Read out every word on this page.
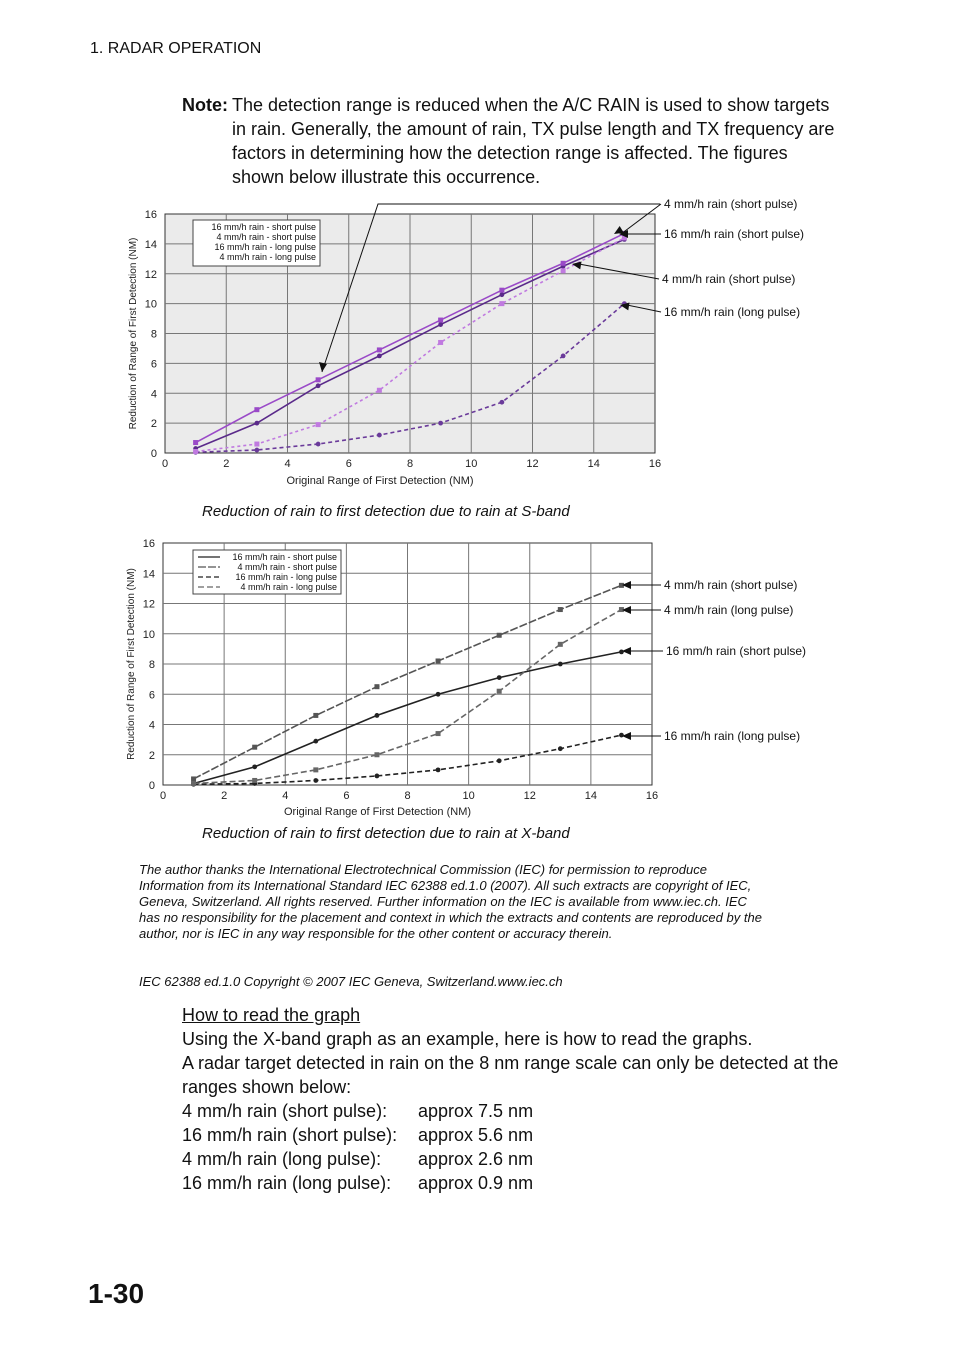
1. RADAR OPERATION
Note: The detection range is reduced when the A/C RAIN is used to show targets in rain. Generally, the amount of rain, TX pulse length and TX frequency are factors in determining how the detection range is affected. The figures shown below illustrate this occurrence.
0	2	4	6	8	10	12	14	16
0
2
4
6
8
10
12
14
16
16 mm/h rain - short pulse
4 mm/h rain - short pulse
16 mm/h rain - long pulse
4 mm/h rain - long pulse
Original Range of First Detection (NM)
Reduction of Range of First Detection (NM)
4 mm/h rain (short pulse)
16 mm/h rain (short pulse)
4 mm/h rain (short pulse)
16 mm/h rain (long pulse)
0	2	4	6	8	10	12	14	16
0
2
4
6
8
10
12
14
16
16 mm/h rain - short pulse
4 mm/h rain - short pulse
16 mm/h rain - long pulse
4 mm/h rain - long pulse
Original Range of First Detection (NM)
Reduction of Range of First Detection (NM)	4 mm/h rain (short pulse)
4 mm/h rain (long pulse)
16 mm/h rain (short pulse)
16 mm/h rain (long pulse)
Reduction of rain to first detection due to rain at S-band
Reduction of rain to first detection due to rain at X-band
The author thanks the International Electrotechnical Commission (IEC) for permission to reproduce Information from its International Standard IEC 62388 ed.1.0 (2007). All such extracts are copyright of IEC, Geneva, Switzerland. All rights reserved. Further information on the IEC is available from www.iec.ch. IEC has no responsibility for the placement and context in which the extracts and contents are reproduced by the author, nor is IEC in any way responsible for the other content or accuracy therein.
IEC 62388 ed.1.0 Copyright © 2007 IEC Geneva, Switzerland.www.iec.ch
How to read the graph
Using the X-band graph as an example, here is how to read the graphs.
A radar target detected in rain on the 8 nm range scale can only be detected at the ranges shown below:
4 mm/h rain (short pulse):	approx 7.5 nm
16 mm/h rain (short pulse):	approx 5.6 nm
4 mm/h rain (long pulse):	approx 2.6 nm
16 mm/h rain (long pulse):	approx 0.9 nm
1-30
